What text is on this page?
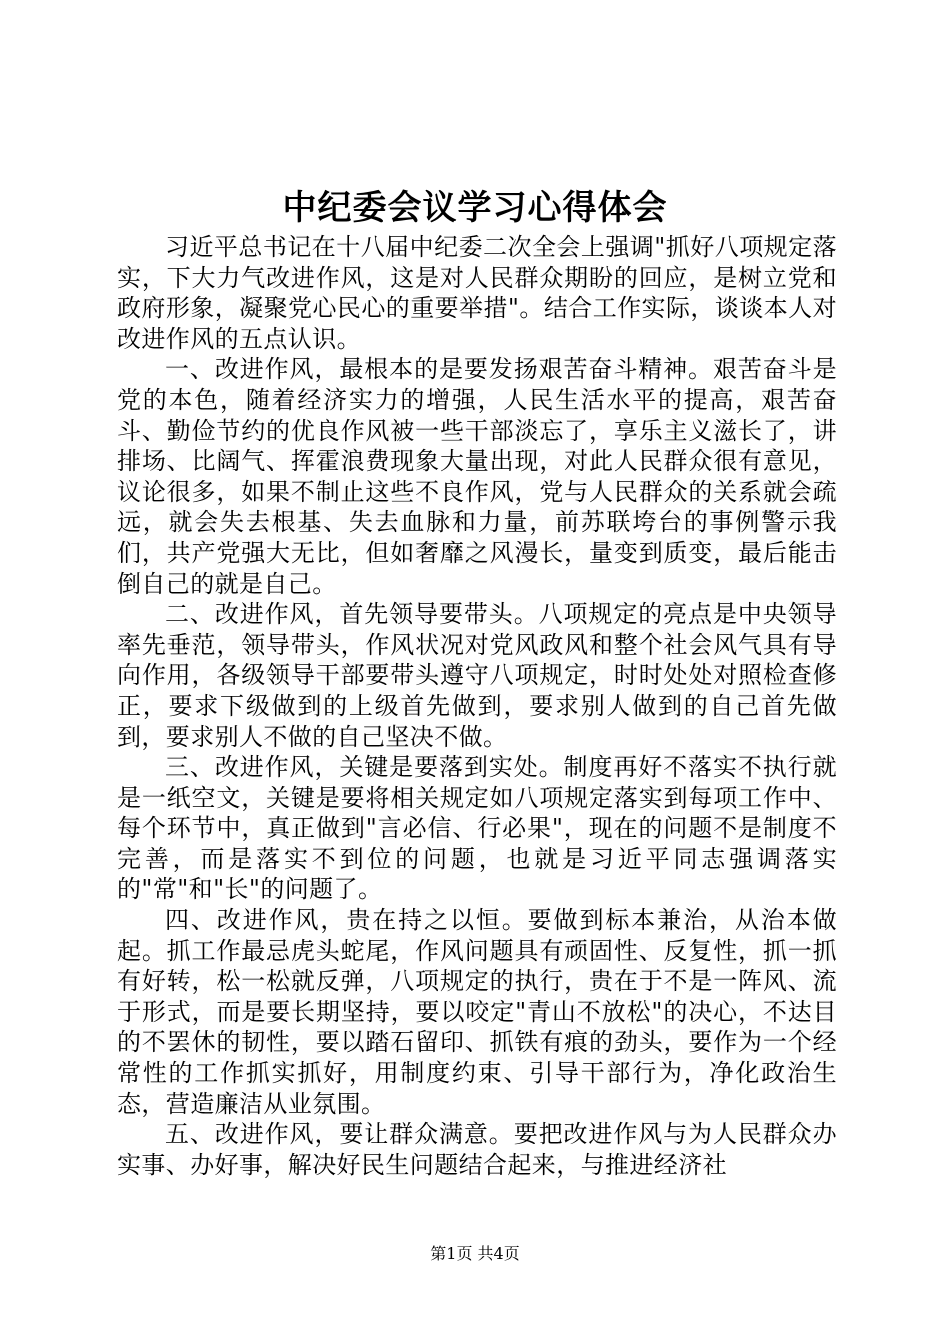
中纪委会议学习心得体会

习近平总书记在十八届中纪委二次全会上强调"抓好八项规定落实，下大力气改进作风，这是对人民群众期盼的回应，是树立党和政府形象，凝聚党心民心的重要举措"。结合工作实际，谈谈本人对改进作风的五点认识。

一、改进作风，最根本的是要发扬艰苦奋斗精神。艰苦奋斗是党的本色，随着经济实力的增强，人民生活水平的提高，艰苦奋斗、勤俭节约的优良作风被一些干部淡忘了，享乐主义滋长了，讲排场、比阔气、挥霍浪费现象大量出现，对此人民群众很有意见，议论很多，如果不制止这些不良作风，党与人民群众的关系就会疏远，就会失去根基、失去血脉和力量，前苏联垮台的事例警示我们，共产党强大无比，但如奢靡之风漫长，量变到质变，最后能击倒自己的就是自己。

二、改进作风，首先领导要带头。八项规定的亮点是中央领导率先垂范，领导带头，作风状况对党风政风和整个社会风气具有导向作用，各级领导干部要带头遵守八项规定，时时处处对照检查修正，要求下级做到的上级首先做到，要求别人做到的自己首先做到，要求别人不做的自己坚决不做。

三、改进作风，关键是要落到实处。制度再好不落实不执行就是一纸空文，关键是要将相关规定如八项规定落实到每项工作中、每个环节中，真正做到"言必信、行必果"，现在的问题不是制度不完善，而是落实不到位的问题，也就是习近平同志强调落实的"常"和"长"的问题了。

四、改进作风，贵在持之以恒。要做到标本兼治，从治本做起。抓工作最忌虎头蛇尾，作风问题具有顽固性、反复性，抓一抓有好转，松一松就反弹，八项规定的执行，贵在于不是一阵风、流于形式，而是要长期坚持，要以咬定"青山不放松"的决心，不达目的不罢休的韧性，要以踏石留印、抓铁有痕的劲头，要作为一个经常性的工作抓实抓好，用制度约束、引导干部行为，净化政治生态，营造廉洁从业氛围。

五、改进作风，要让群众满意。要把改进作风与为人民群众办实事、办好事，解决好民生问题结合起来，与推进经济社

第1页 共4页
